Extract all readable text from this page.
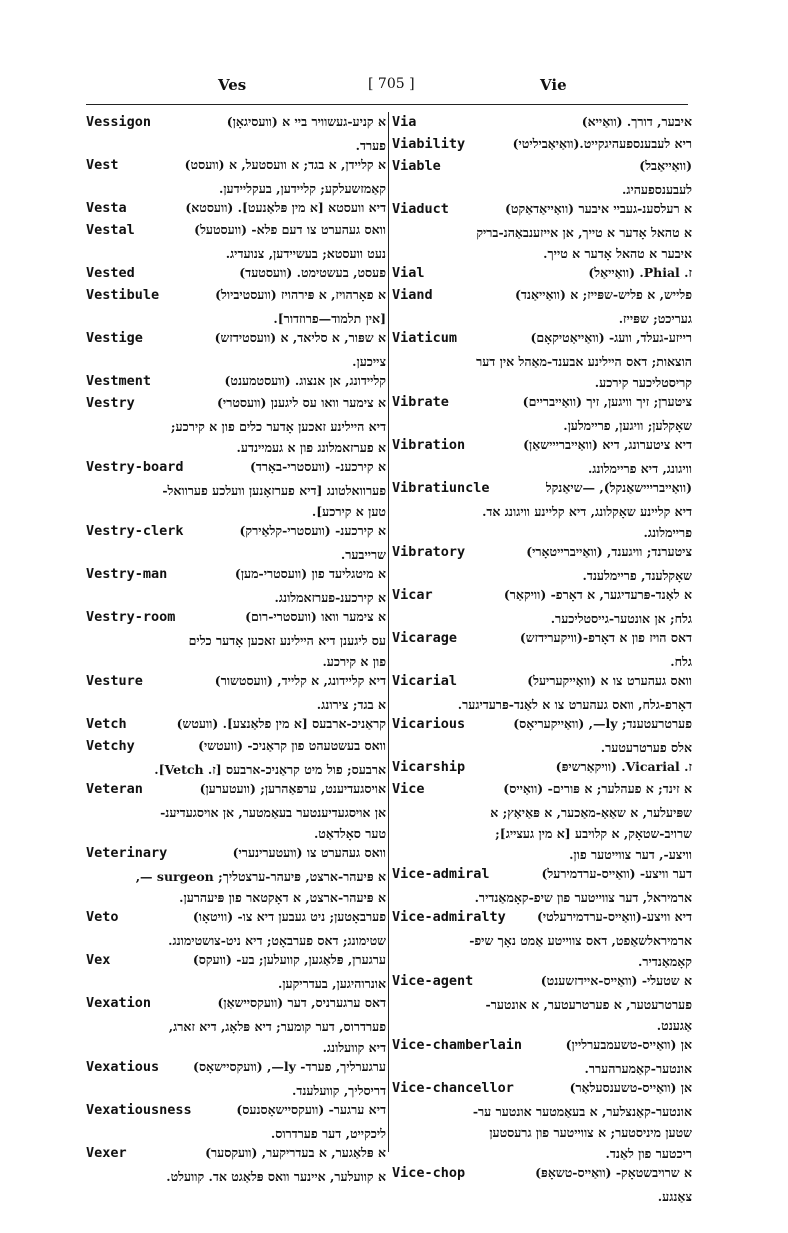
Ves	[ 705 ]	Vie
Vessigon	א קניע-געשוויר ביי א (וועסיגאָן)
פערד.
Vest	א קליידן, א בגד; א וועסטעל, א (וועסט)
קאַמזשעלקע; קליידען, בעקליידען.
Vesta	דיא וועסטא [א מין פּלאַנעט]. (וועסטא)
Vestal	וואס געהערט צו דעם פלא- (וועסטעל)
נעט וועסטא; בעשיידען, צנועדיג.
Vested	פעסט, בעשטימט. (וועסטעד)
Vestibule	א פאָרהויז, א פּירהויז (וועסטיביול)
[אין תלמוד—פרוזדור].
Vestige	א שפּור, א סליאד, א (וועסטידזש)
צייכען.
Vestment	קליידונג, אן אנצוג. (וועסטמענט)
Vestry	א צימער וואו עס ליגענן (וועסטרי)
דיא היילינע זאכען אָדער כלים פון א קירכע;
א פערזאמלונג פון א געמיינדע.
Vestry-board	א קירכענ- (וועסטרי-באָרד)
פערוואלטונג [דיא פערזאָנען וועלכע פערוואל-
טען א קירכע].
Vestry-clerk	א קירכענ- (וועסטרי-קלאַירק)
שרייבער.
Vestry-man	א מיטגליעד פון (וועסטרי-מען)
א קירכענ-פערזאמלונג.
Vestry-room	א צימער וואו (וועסטרי-רום)
עס ליגענן דיא היילינע זאכען אָדער כלים
פון א קירכע.
Vesture	דיא קליידונג, א קלייד, (וועסטשור)
א בגד; צירונג.
Vetch	קראַניכ-ארבעס [א מין פלאַנצע]. (וועטש)
Vetchy	וואס בעשטעהט פון קראַניכ- (וועטשי)
ארבעס; פול מיט קראַניכ-ארבעס [ז. Vetch].
Veteran	אויסגעדיענט, ערפאַהרען; (וועטערען)
אן אויסגעדיענטער בעאַמטער, אן אויסגעדיענ-
טער סאָלדאַט.
Veterinary	וואס געהערט צו (וועטערינערי)
א פּיעהר-ארצט, פּיעהר-ערצטליך; surgeon —,
א פּיעהר-ארצט, א דאָקטאר פון פּיעהרען.
Veto	פערבאָטען; ניט געבען דיא צו- (וויטאָו)
שטימונג; דאס פערבאָט; דיא ניט-צושטימונג.
Vex	ערגערן, פּלאַגען, קוועלען; בע- (וועקס)
אונרוהיגען, בעדריקען.
Vexation	דאס ערגערניס, דער (וועקסיישאַן)
פערדרוס, דער קומער; דיא פּלאָג, דיא זארג,
דיא קוועלונג.
Vexatious	ערגערליך, פערד- ly—, (וועקסיישאָס)
דריסליך, קוועלענד.
Vexatiousness	דיא ערגער- (וועקסיישאָסנעס)
ליכקייט, דער פערדרוס.
Vexer	א פּלאַגער, א בעדריקער, (וועקסער)
א קוועלער, איינער וואס פּלאַגט אד. קוועלט.
Via	איבער, דורך. (וואַייא)
Viability	ריא לעבענספעהיגקייט.(וואַיאַביליטי)
Viable	(וואַייאַבל)
לעבענספעהיג.
Viaduct	א רעלסענ-געביי איבער (וואַייאַדאַקט)
א טהאל אָדער א טייך, אן אייזענבאַהנ-בריק
איבער א טהאל אָדער א טייך.
Vial	ז. Phial. (וואַייאַל)
Viand	פלייש, א פליש-שפּייז; א (וואַייאַנד)
געריכט; שפּייז.
Viaticum	רייזע-געלד, וועג- (וואַייאַטיקאָם)
הוצאות; דאס היילינע אבענד-מאַהל אין דער
קריסטליכער קירכע.
Vibrate	ציטערן; זיך וויגען, זיך (וואַייבריים)
שאָקלען; וויגען, פריימלען.
Vibration	דיא ציטערונג, דיא (וואַייברייישאַן)
וויגונג, דיא פריימלונג.
Vibratiuncle	(וואַייברייישאַנקל), —שיאַנקל
דיא קליינע שאָקלונג, דיא קליינע וויגונג אד.
פריימלונג.
Vibratory	ציטערנד; וויגענד, (וואַייברייטאָרי)
שאָקלענד, פריימלענד.
Vicar	א לאַנד-פּרעדיגער, א דאָרפ- (וויקאַר)
גלח; אן אונטער-גייסטליכער.
Vicarage	דאס הויז פון א דאָרפ-(וויקערידזש)
גלח.
Vicarial	וואס געהערט צו א (וואַייקעריעל)
דאָרפ-גלח, וואס געהערט צו א לאַנד-פּרעדיגער.
Vicarious	פערטרעטענד; ly—, (וואַייקעריאָס)
אלס פערטרעטער.
Vicarship	ז. Vicarial. (וויקאַרשיפּ)
Vice	א זינד; א פעהלער; א פּורים- (וואַייס)
שפּיעלער, א שאַאַ-מאַכער, א פּאַיאַץ; א
שרויב-שטאָק, א קלויבע [א מין געצייג];
וויצע-, דער צווייטער פון.
Vice-admiral	דער וויצע- (וואַייס-ערדמירעל)
ארמיראל, דער צווייטער פון שיפ-קאָמאַנדיר.
Vice-admiralty דיא וויצע-(וואַייס-ערדמירעלטי)
ארמיראלשאַפט, דאס צווייטע אַמט נאָך שיפ-
קאָמאַנדיר.
Vice-agent	א שטעלי- (וואַייס-איידזשענט)
פערטרעטער, א פערטרעטער, א אונטער-
אַגענט.
Vice-chamberlain	אן (וואַייס-טשעמבערליין)
אונטער-קאַמערהערר.
Vice-chancellor	אן (וואַייס-טשענסעלאַר)
אונטער-קאַנצלער, א בעאַמטער אונטער ער-
שטען מיניסטער; א צווייטער פון גרעסטען
ריכטער פון לאַנד.
Vice-chop	א שרויבשטאָק- (וואַייס-טשאָפּ)
צאַנגע.
